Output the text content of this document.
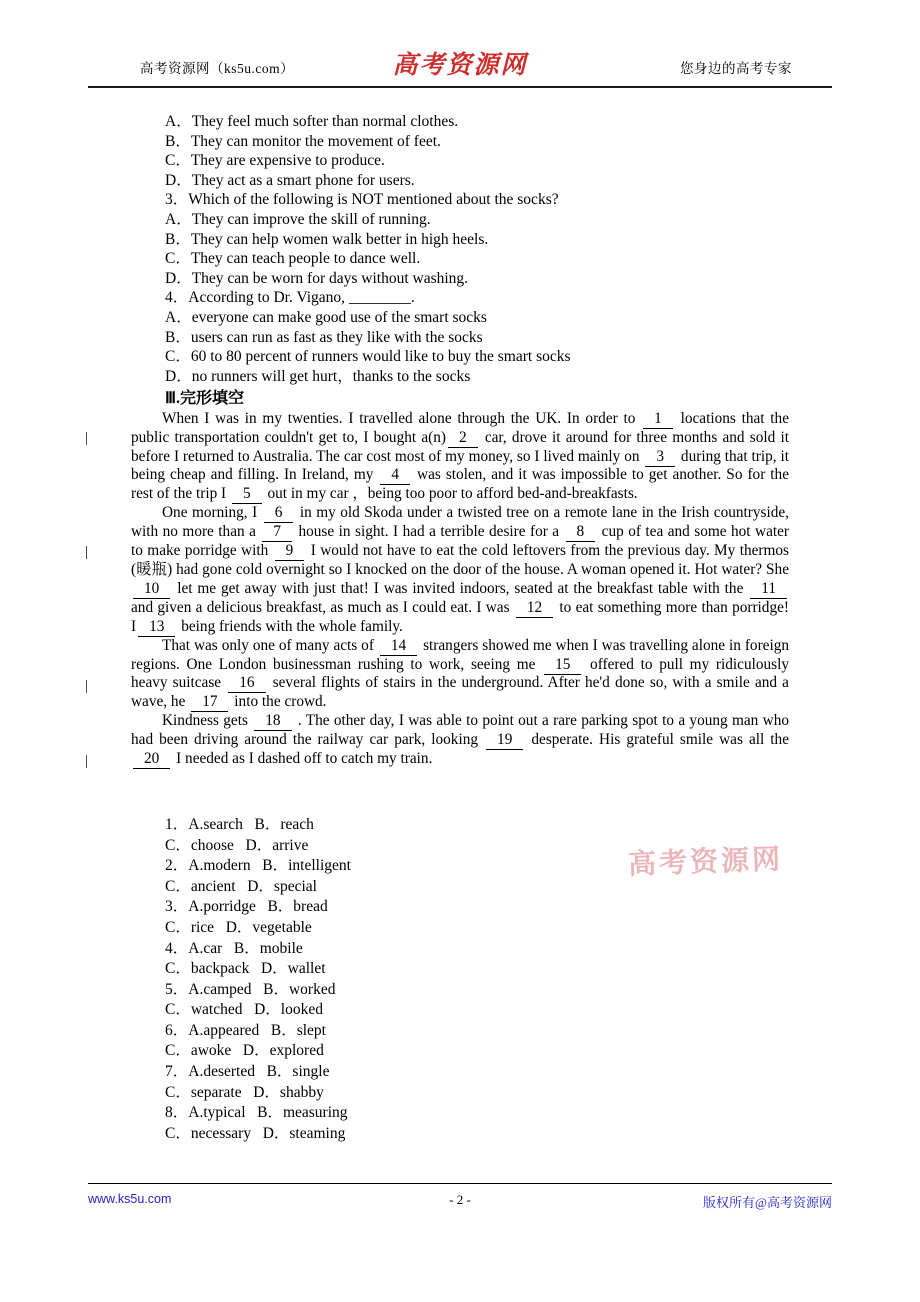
高考资源网（ks5u.com）	高考资源网	您身边的高考专家
A．They feel much softer than normal clothes.
B．They can monitor the movement of feet.
C．They are expensive to produce.
D．They act as a smart phone for users.
3．Which of the following is NOT mentioned about the socks?
A．They can improve the skill of running.
B．They can help women walk better in high heels.
C．They can teach people to dance well.
D．They can be worn for days without washing.
4．According to Dr. Vigano, ________.
A．everyone can make good use of the smart socks
B．users can run as fast as they like with the socks
C．60 to 80 percent of runners would like to buy the smart socks
D．no runners will get hurt，thanks to the socks
Ⅲ.完形填空

When I was in my twenties. I travelled alone through the UK. In order to 1 locations that the public transportation couldn't get to, I bought a(n) 2 car, drove it around for three months and sold it before I returned to Australia. The car cost most of my money, so I lived mainly on 3 during that trip, it being cheap and filling. In Ireland, my 4 was stolen, and it was impossible to get another. So for the rest of the trip I 5 out in my car ，being too poor to afford bed-and-breakfasts.

One morning, I 6 in my old Skoda under a twisted tree on a remote lane in the Irish countryside, with no more than a 7 house in sight. I had a terrible desire for a 8 cup of tea and some hot water to make porridge with 9 I would not have to eat the cold leftovers from the previous day. My thermos (暖瓶) had gone cold overnight so I knocked on the door of the house. A woman opened it. Hot water? She 10 let me get away with just that! I was invited indoors, seated at the breakfast table with the 11 and given a delicious breakfast, as much as I could eat. I was 12 to eat something more than porridge! I 13 being friends with the whole family.

That was only one of many acts of 14 strangers showed me when I was travelling alone in foreign regions. One London businessman rushing to work, seeing me 15 offered to pull my ridiculously heavy suitcase 16 several flights of stairs in the underground. After he'd done so, with a smile and a wave, he 17 into the crowd.

Kindness gets 18 . The other day, I was able to point out a rare parking spot to a young man who had been driving around the railway car park, looking 19 desperate. His grateful smile was all the 20 I needed as I dashed off to catch my train.

1．A.search   B．reach
C．choose   D．arrive
2．A.modern   B．intelligent
C．ancient   D．special
3．A.porridge   B．bread
C．rice   D．vegetable
4．A.car   B．mobile
C．backpack   D．wallet
5．A.camped   B．worked
C．watched   D．looked
6．A.appeared   B．slept
C．awoke   D．explored
7．A.deserted   B．single
C．separate   D．shabby
8．A.typical   B．measuring
C．necessary   D．steaming
高考资源网
www.ks5u.com	- 2 -	版权所有@高考资源网
